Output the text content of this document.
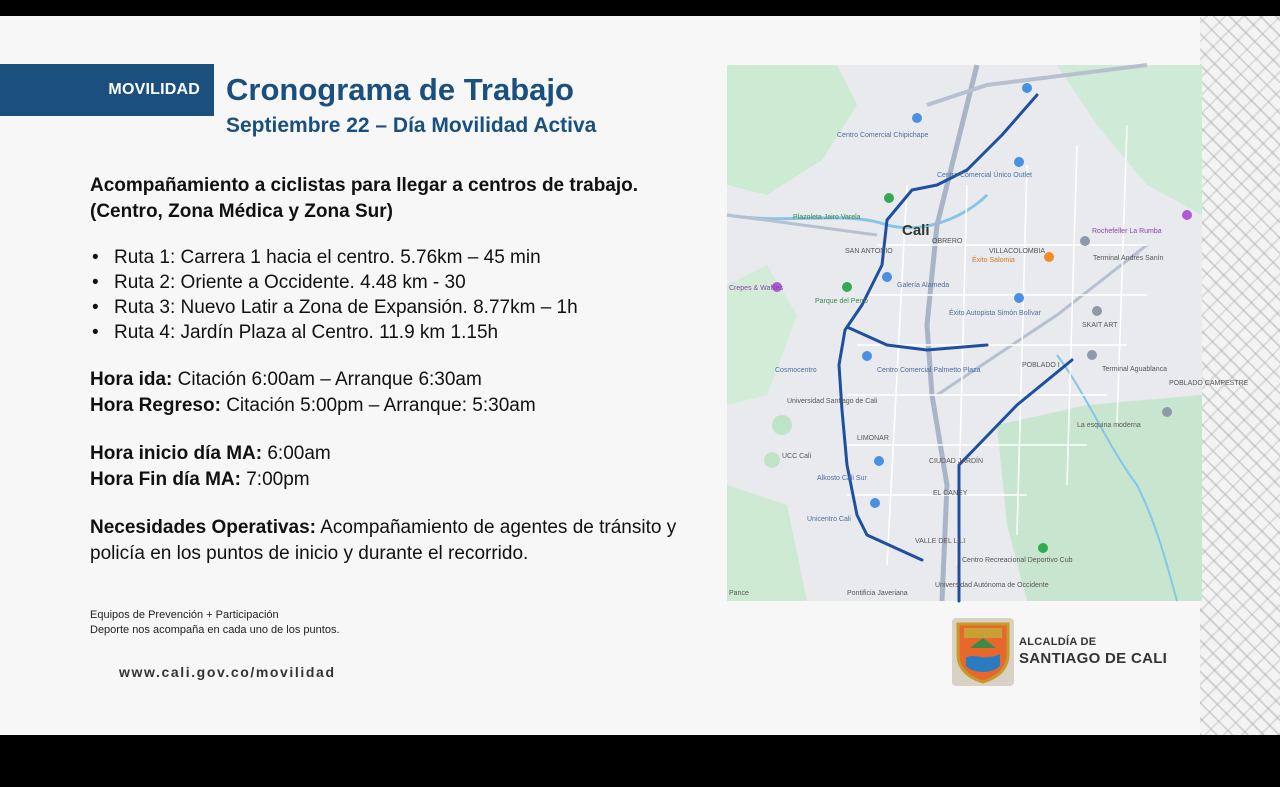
MOVILIDAD Cronograma de Trabajo
Septiembre 22 – Día Movilidad Activa

Acompañamiento a ciclistas para llegar a centros de trabajo. (Centro, Zona Médica y Zona Sur)

• Ruta 1: Carrera 1 hacia el centro. 5.76km – 45 min
• Ruta 2: Oriente a Occidente. 4.48 km - 30
• Ruta 3: Nuevo Latir a Zona de Expansión. 8.77km – 1h
• Ruta 4: Jardín Plaza al Centro. 11.9 km 1.15h
Hora ida: Citación 6:00am – Arranque 6:30am
Hora Regreso: Citación 5:00pm – Arranque: 5:30am
Hora inicio día MA: 6:00am
Hora Fin día MA: 7:00pm

Necesidades Operativas: Acompañamiento de agentes de tránsito y policía en los puntos de inicio y durante el recorrido.

Equipos de Prevención + Participación
Deporte nos acompaña en cada uno de los puntos.
www.cali.gov.co/movilidad
Cali
SAN ANTONIO
OBRERO
VILLACOLOMBIA
POBLADO I
LIMONAR
CIUDAD JARDÍN
VALLE DEL LILI
EL CANEY
POBLADO CAMPESTRE
Centro Comercial Chipichape
Centro Comercial Único Outlet
Plazoleta Jairo Varela
Galería Alameda
Éxito Salomia
Rochefeller La Rumba
Terminal Andrés Sanín
Éxito Autopista Simón Bolívar
Cosmocentro	Centro Comercial Palmetto Plaza
Universidad Santiago de Cali
UCC Cali
Alkosto Cali Sur
Unicentro Cali
Centro Recreacional Deportivo Cub
Universidad Autónoma de Occidente
SKAIT ART
Terminal Aguablanca
La esquina moderna
Parque del Perro
Crepes & Waffles
Pance	Pontificia Javeriana
ALCALDÍA DE
SANTIAGO DE CALI
